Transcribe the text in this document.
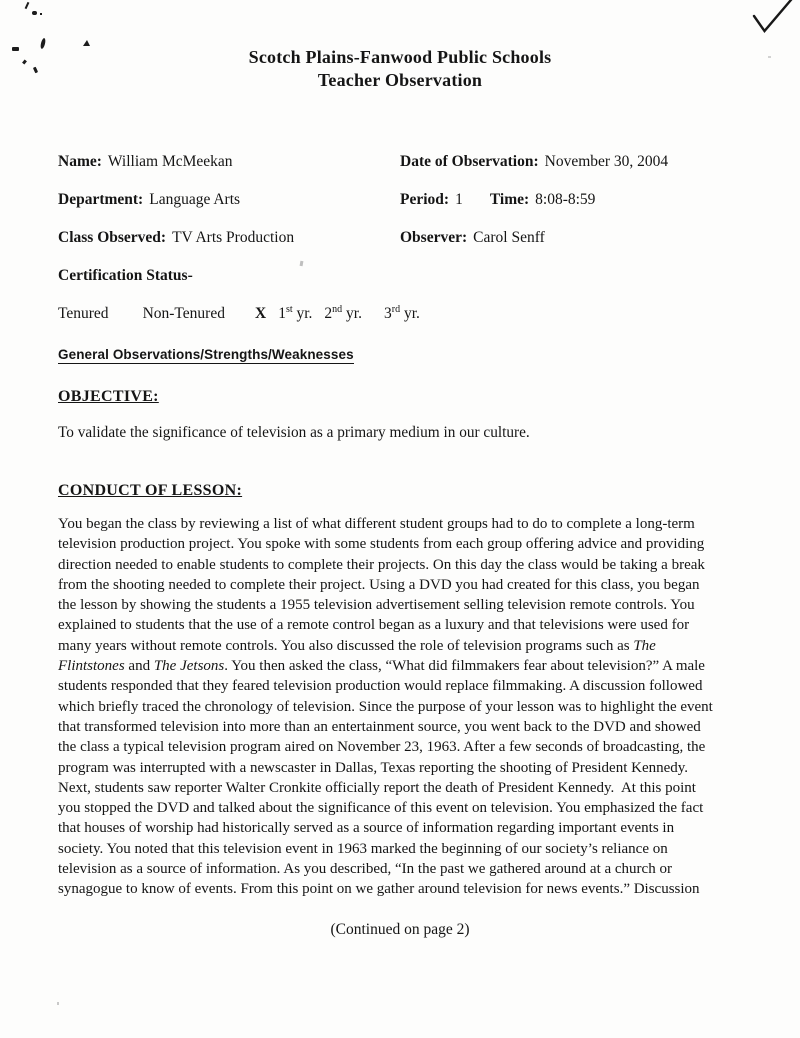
Scotch Plains-Fanwood Public Schools
Teacher Observation
Name: William McMeekan	Date of Observation: November 30, 2004
Department: Language Arts	Period: 1 Time: 8:08-8:59
Class Observed: TV Arts Production	Observer: Carol Senff
Certification Status-
Tenured Non-Tenured X 1st yr. 2nd yr. 3rd yr.
General Observations/Strengths/Weaknesses
OBJECTIVE:
To validate the significance of television as a primary medium in our culture.
CONDUCT OF LESSON:
You began the class by reviewing a list of what different student groups had to do to complete a long-term
television production project. You spoke with some students from each group offering advice and providing
direction needed to enable students to complete their projects. On this day the class would be taking a break
from the shooting needed to complete their project. Using a DVD you had created for this class, you began
the lesson by showing the students a 1955 television advertisement selling television remote controls. You
explained to students that the use of a remote control began as a luxury and that televisions were used for
many years without remote controls. You also discussed the role of television programs such as The
Flintstones and The Jetsons. You then asked the class, “What did filmmakers fear about television?” A male
students responded that they feared television production would replace filmmaking. A discussion followed
which briefly traced the chronology of television. Since the purpose of your lesson was to highlight the event
that transformed television into more than an entertainment source, you went back to the DVD and showed
the class a typical television program aired on November 23, 1963. After a few seconds of broadcasting, the
program was interrupted with a newscaster in Dallas, Texas reporting the shooting of President Kennedy.
Next, students saw reporter Walter Cronkite officially report the death of President Kennedy.  At this point
you stopped the DVD and talked about the significance of this event on television. You emphasized the fact
that houses of worship had historically served as a source of information regarding important events in
society. You noted that this television event in 1963 marked the beginning of our society’s reliance on
television as a source of information. As you described, “In the past we gathered around at a church or
synagogue to know of events. From this point on we gather around television for news events.” Discussion
(Continued on page 2)
